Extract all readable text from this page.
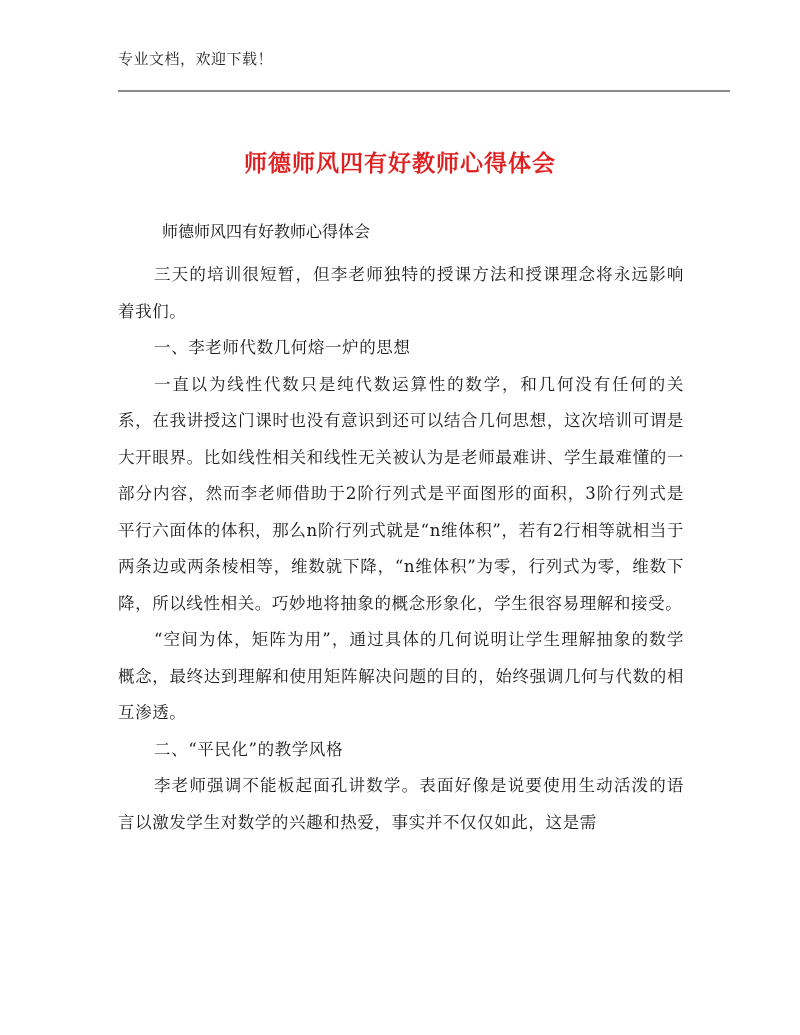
专业文档，欢迎下载！
师德师风四有好教师心得体会
师德师风四有好教师心得体会

三天的培训很短暂，但李老师独特的授课方法和授课理念将永远影响着我们。

一、李老师代数几何熔一炉的思想

一直以为线性代数只是纯代数运算性的数学，和几何没有任何的关系，在我讲授这门课时也没有意识到还可以结合几何思想，这次培训可谓是大开眼界。比如线性相关和线性无关被认为是老师最难讲、学生最难懂的一部分内容，然而李老师借助于2阶行列式是平面图形的面积，3阶行列式是平行六面体的体积，那么n阶行列式就是“n维体积”，若有2行相等就相当于两条边或两条棱相等，维数就下降，“n维体积”为零，行列式为零，维数下降，所以线性相关。巧妙地将抽象的概念形象化，学生很容易理解和接受。

“空间为体，矩阵为用”，通过具体的几何说明让学生理解抽象的数学概念，最终达到理解和使用矩阵解决问题的目的，始终强调几何与代数的相互渗透。

二、“平民化”的教学风格

李老师强调不能板起面孔讲数学。表面好像是说要使用生动活泼的语言以激发学生对数学的兴趣和热爱，事实并不仅仅如此，这是需
